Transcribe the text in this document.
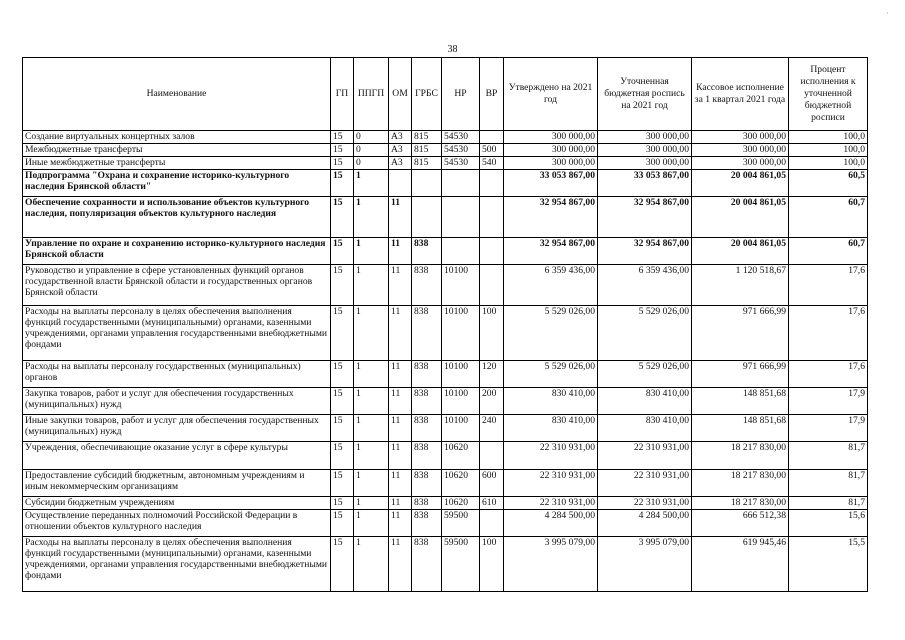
38
·
Наименование	ГП	ППГП	ОМ	ГРБС	НР	ВР	Утверждено на 2021 год	Уточненная бюджетная роспись на 2021 год	Кассовое исполнение за 1 квартал 2021 года	Процент исполнения к уточненной бюджетной росписи
Создание виртуальных концертных залов	15	0	А3	815	54530		300 000,00	300 000,00	300 000,00	100,0
Межбюджетные трансферты	15	0	А3	815	54530	500	300 000,00	300 000,00	300 000,00	100,0
Иные межбюджетные трансферты	15	0	А3	815	54530	540	300 000,00	300 000,00	300 000,00	100,0
Подпрограмма "Охрана и сохранение историко-культурного наследия Брянской области"	15	1					33 053 867,00	33 053 867,00	20 004 861,05	60,5
Обеспечение сохранности и использование объектов культурного наследия, популяризация объектов культурного наследия	15	1	11				32 954 867,00	32 954 867,00	20 004 861,05	60,7
Управление по охране и сохранению историко-культурного наследия Брянской области	15	1	11	838			32 954 867,00	32 954 867,00	20 004 861,05	60,7
Руководство и управление в сфере установленных функций органов государственной власти Брянской области и государственных органов Брянской области	15	1	11	838	10100		6 359 436,00	6 359 436,00	1 120 518,67	17,6
Расходы на выплаты персоналу в целях обеспечения выполнения функций государственными (муниципальными) органами, казенными учреждениями, органами управления государственными внебюджетными фондами	15	1	11	838	10100	100	5 529 026,00	5 529 026,00	971 666,99	17,6
Расходы на выплаты персоналу государственных (муниципальных) органов	15	1	11	838	10100	120	5 529 026,00	5 529 026,00	971 666,99	17,6
Закупка товаров, работ и услуг для обеспечения государственных (муниципальных) нужд	15	1	11	838	10100	200	830 410,00	830 410,00	148 851,68	17,9
Иные закупки товаров, работ и услуг для обеспечения государственных (муниципальных) нужд	15	1	11	838	10100	240	830 410,00	830 410,00	148 851,68	17,9
Учреждения, обеспечивающие оказание услуг в сфере культуры	15	1	11	838	10620		22 310 931,00	22 310 931,00	18 217 830,00	81,7
Предоставление субсидий бюджетным, автономным учреждениям и иным некоммерческим организациям	15	1	11	838	10620	600	22 310 931,00	22 310 931,00	18 217 830,00	81,7
Субсидии бюджетным учреждениям	15	1	11	838	10620	610	22 310 931,00	22 310 931,00	18 217 830,00	81,7
Осуществление переданных полномочий Российской Федерации в отношении объектов культурного наследия	15	1	11	838	59500		4 284 500,00	4 284 500,00	666 512,38	15,6
Расходы на выплаты персоналу в целях обеспечения выполнения функций государственными (муниципальными) органами, казенными учреждениями, органами управления государственными внебюджетными фондами	15	1	11	838	59500	100	3 995 079,00	3 995 079,00	619 945,46	15,5
